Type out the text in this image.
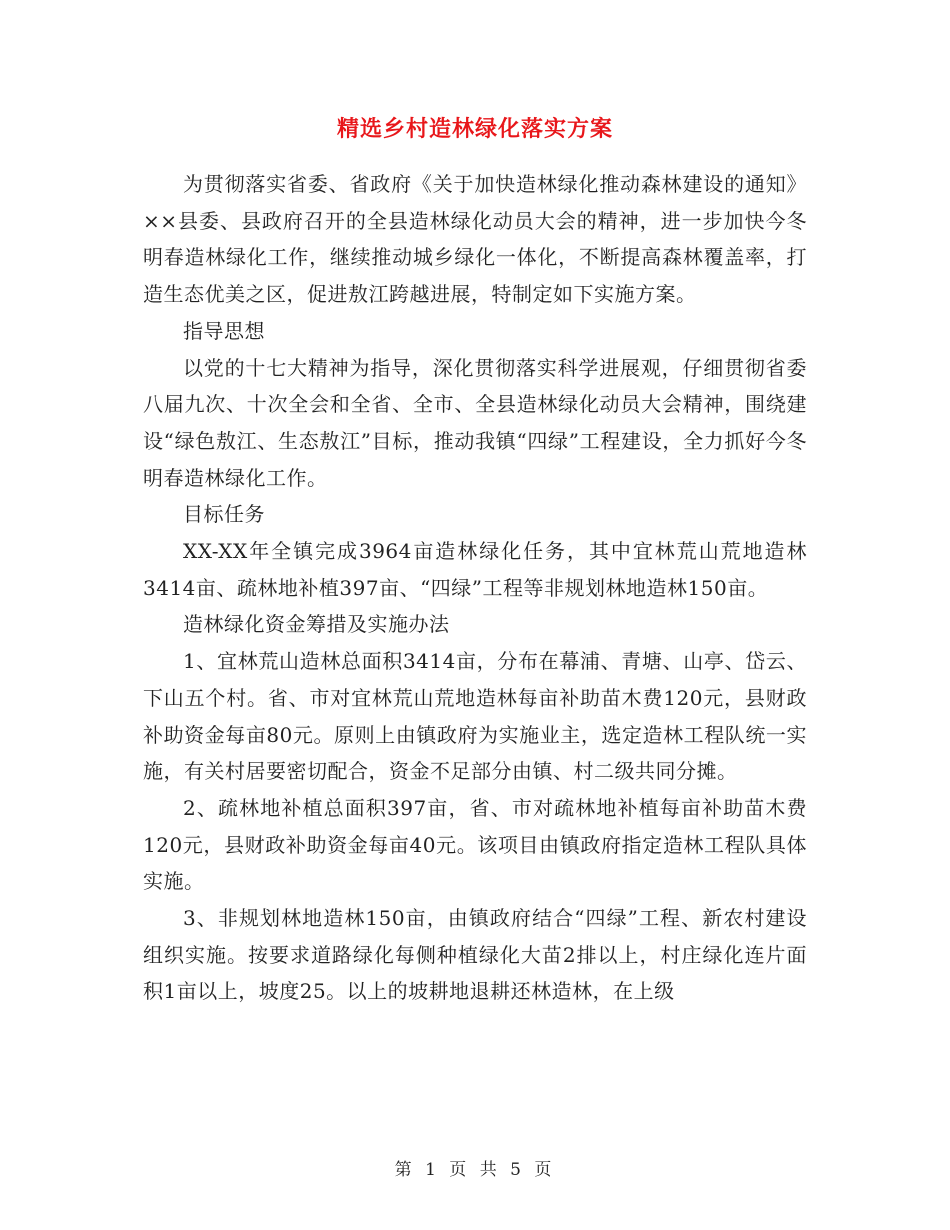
精选乡村造林绿化落实方案

为贯彻落实省委、省政府《关于加快造林绿化推动森林建设的通知》××县委、县政府召开的全县造林绿化动员大会的精神，进一步加快今冬明春造林绿化工作，继续推动城乡绿化一体化，不断提高森林覆盖率，打造生态优美之区，促进敖江跨越进展，特制定如下实施方案。

指导思想

以党的十七大精神为指导，深化贯彻落实科学进展观，仔细贯彻省委八届九次、十次全会和全省、全市、全县造林绿化动员大会精神，围绕建设“绿色敖江、生态敖江”目标，推动我镇“四绿”工程建设，全力抓好今冬明春造林绿化工作。

目标任务

XX-XX年全镇完成3964亩造林绿化任务，其中宜林荒山荒地造林3414亩、疏林地补植397亩、“四绿”工程等非规划林地造林150亩。

造林绿化资金筹措及实施办法

1、宜林荒山造林总面积3414亩，分布在幕浦、青塘、山亭、岱云、下山五个村。省、市对宜林荒山荒地造林每亩补助苗木费120元，县财政补助资金每亩80元。原则上由镇政府为实施业主，选定造林工程队统一实施，有关村居要密切配合，资金不足部分由镇、村二级共同分摊。

2、疏林地补植总面积397亩，省、市对疏林地补植每亩补助苗木费120元，县财政补助资金每亩40元。该项目由镇政府指定造林工程队具体实施。

3、非规划林地造林150亩，由镇政府结合“四绿”工程、新农村建设组织实施。按要求道路绿化每侧种植绿化大苗2排以上，村庄绿化连片面积1亩以上，坡度25。以上的坡耕地退耕还林造林，在上级

第 1 页 共 5 页
